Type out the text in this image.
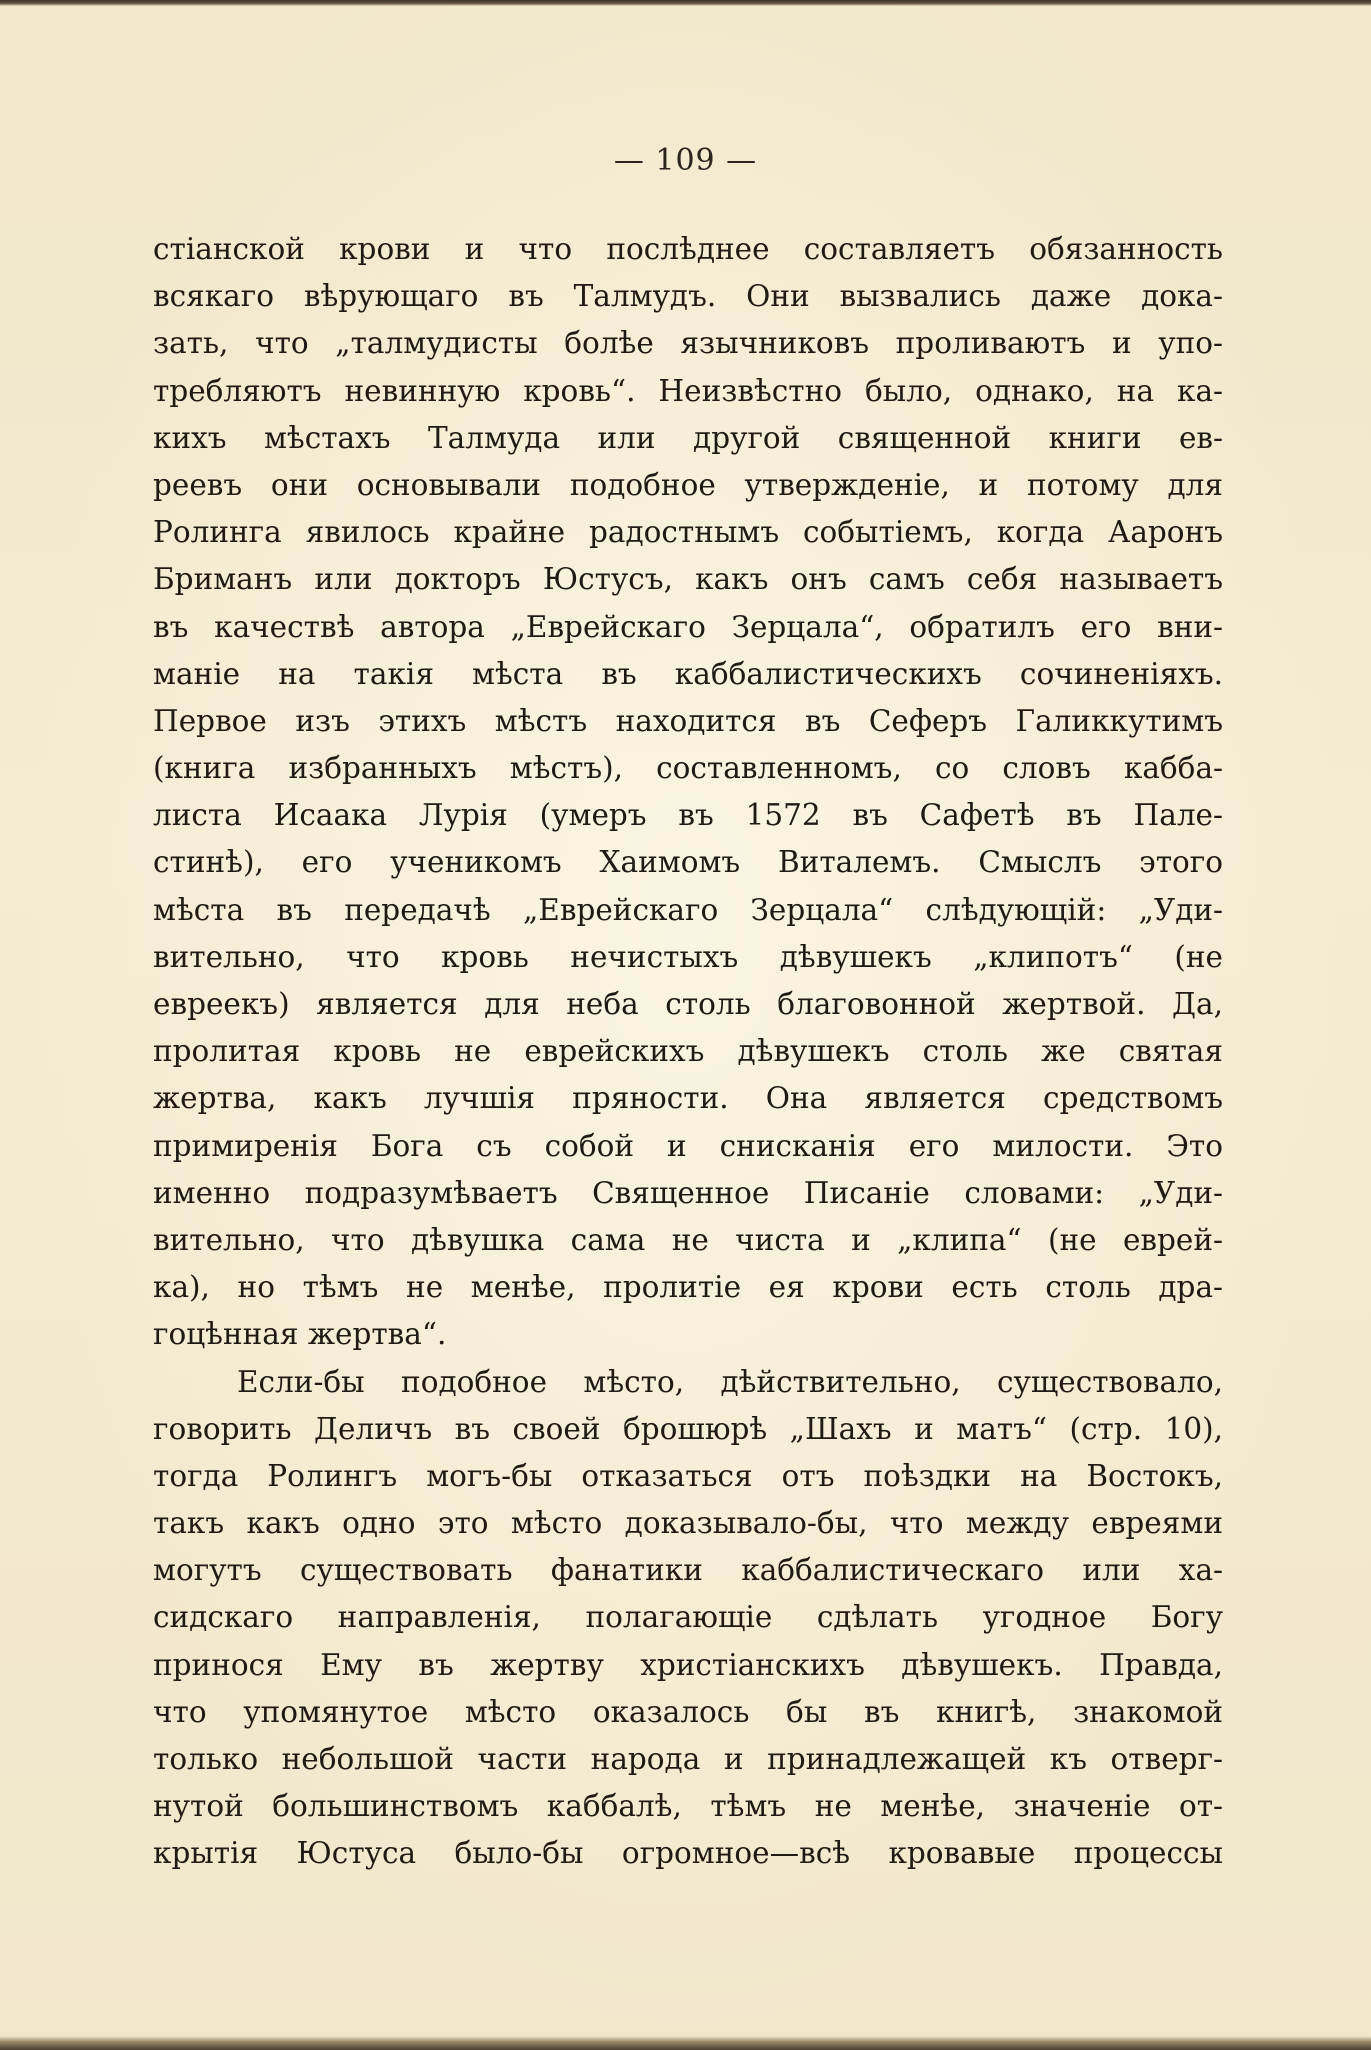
— 109 —
стіанской крови и что послѣднее составляетъ обязанность
всякаго вѣрующаго въ Талмудъ. Они вызвались даже дока-
зать, что „талмудисты болѣе язычниковъ проливаютъ и упо-
требляютъ невинную кровь“. Неизвѣстно было, однако, на ка-
кихъ мѣстахъ Талмуда или другой священной книги ев-
реевъ они основывали подобное утвержденіе, и потому для
Ролинга явилось крайне радостнымъ событіемъ, когда Ааронъ
Бриманъ или докторъ Юстусъ, какъ онъ самъ себя называетъ
въ качествѣ автора „Еврейскаго Зерцала“, обратилъ его вни-
маніе на такія мѣста въ каббалистическихъ сочиненіяхъ.
Первое изъ этихъ мѣстъ находится въ Сеферъ Галиккутимъ
(книга избранныхъ мѣстъ), составленномъ, со словъ кабба-
листа Исаака Лурія (умеръ въ 1572 въ Сафетѣ въ Пале-
стинѣ), его ученикомъ Хаимомъ Виталемъ. Смыслъ этого
мѣста въ передачѣ „Еврейскаго Зерцала“ слѣдующій: „Уди-
вительно, что кровь нечистыхъ дѣвушекъ „клипотъ“ (не
евреекъ) является для неба столь благовонной жертвой. Да,
пролитая кровь не еврейскихъ дѣвушекъ столь же святая
жертва, какъ лучшія пряности. Она является средствомъ
примиренія Бога съ собой и снисканія его милости. Это
именно подразумѣваетъ Священное Писаніе словами: „Уди-
вительно, что дѣвушка сама не чиста и „клипа“ (не еврей-
ка), но тѣмъ не менѣе, пролитіе ея крови есть столь дра-
гоцѣнная жертва“.
Если-бы подобное мѣсто, дѣйствительно, существовало,
говорить Деличъ въ своей брошюрѣ „Шахъ и матъ“ (стр. 10),
тогда Ролингъ могъ-бы отказаться отъ поѣздки на Востокъ,
такъ какъ одно это мѣсто доказывало-бы, что между евреями
могутъ существовать фанатики каббалистическаго или ха-
сидскаго направленія, полагающіе сдѣлать угодное Богу
принося Ему въ жертву христіанскихъ дѣвушекъ. Правда,
что упомянутое мѣсто оказалось бы въ книгѣ, знакомой
только небольшой части народа и принадлежащей къ отверг-
нутой большинствомъ каббалѣ, тѣмъ не менѣе, значеніе от-
крытія Юстуса было-бы огромное—всѣ кровавые процессы
